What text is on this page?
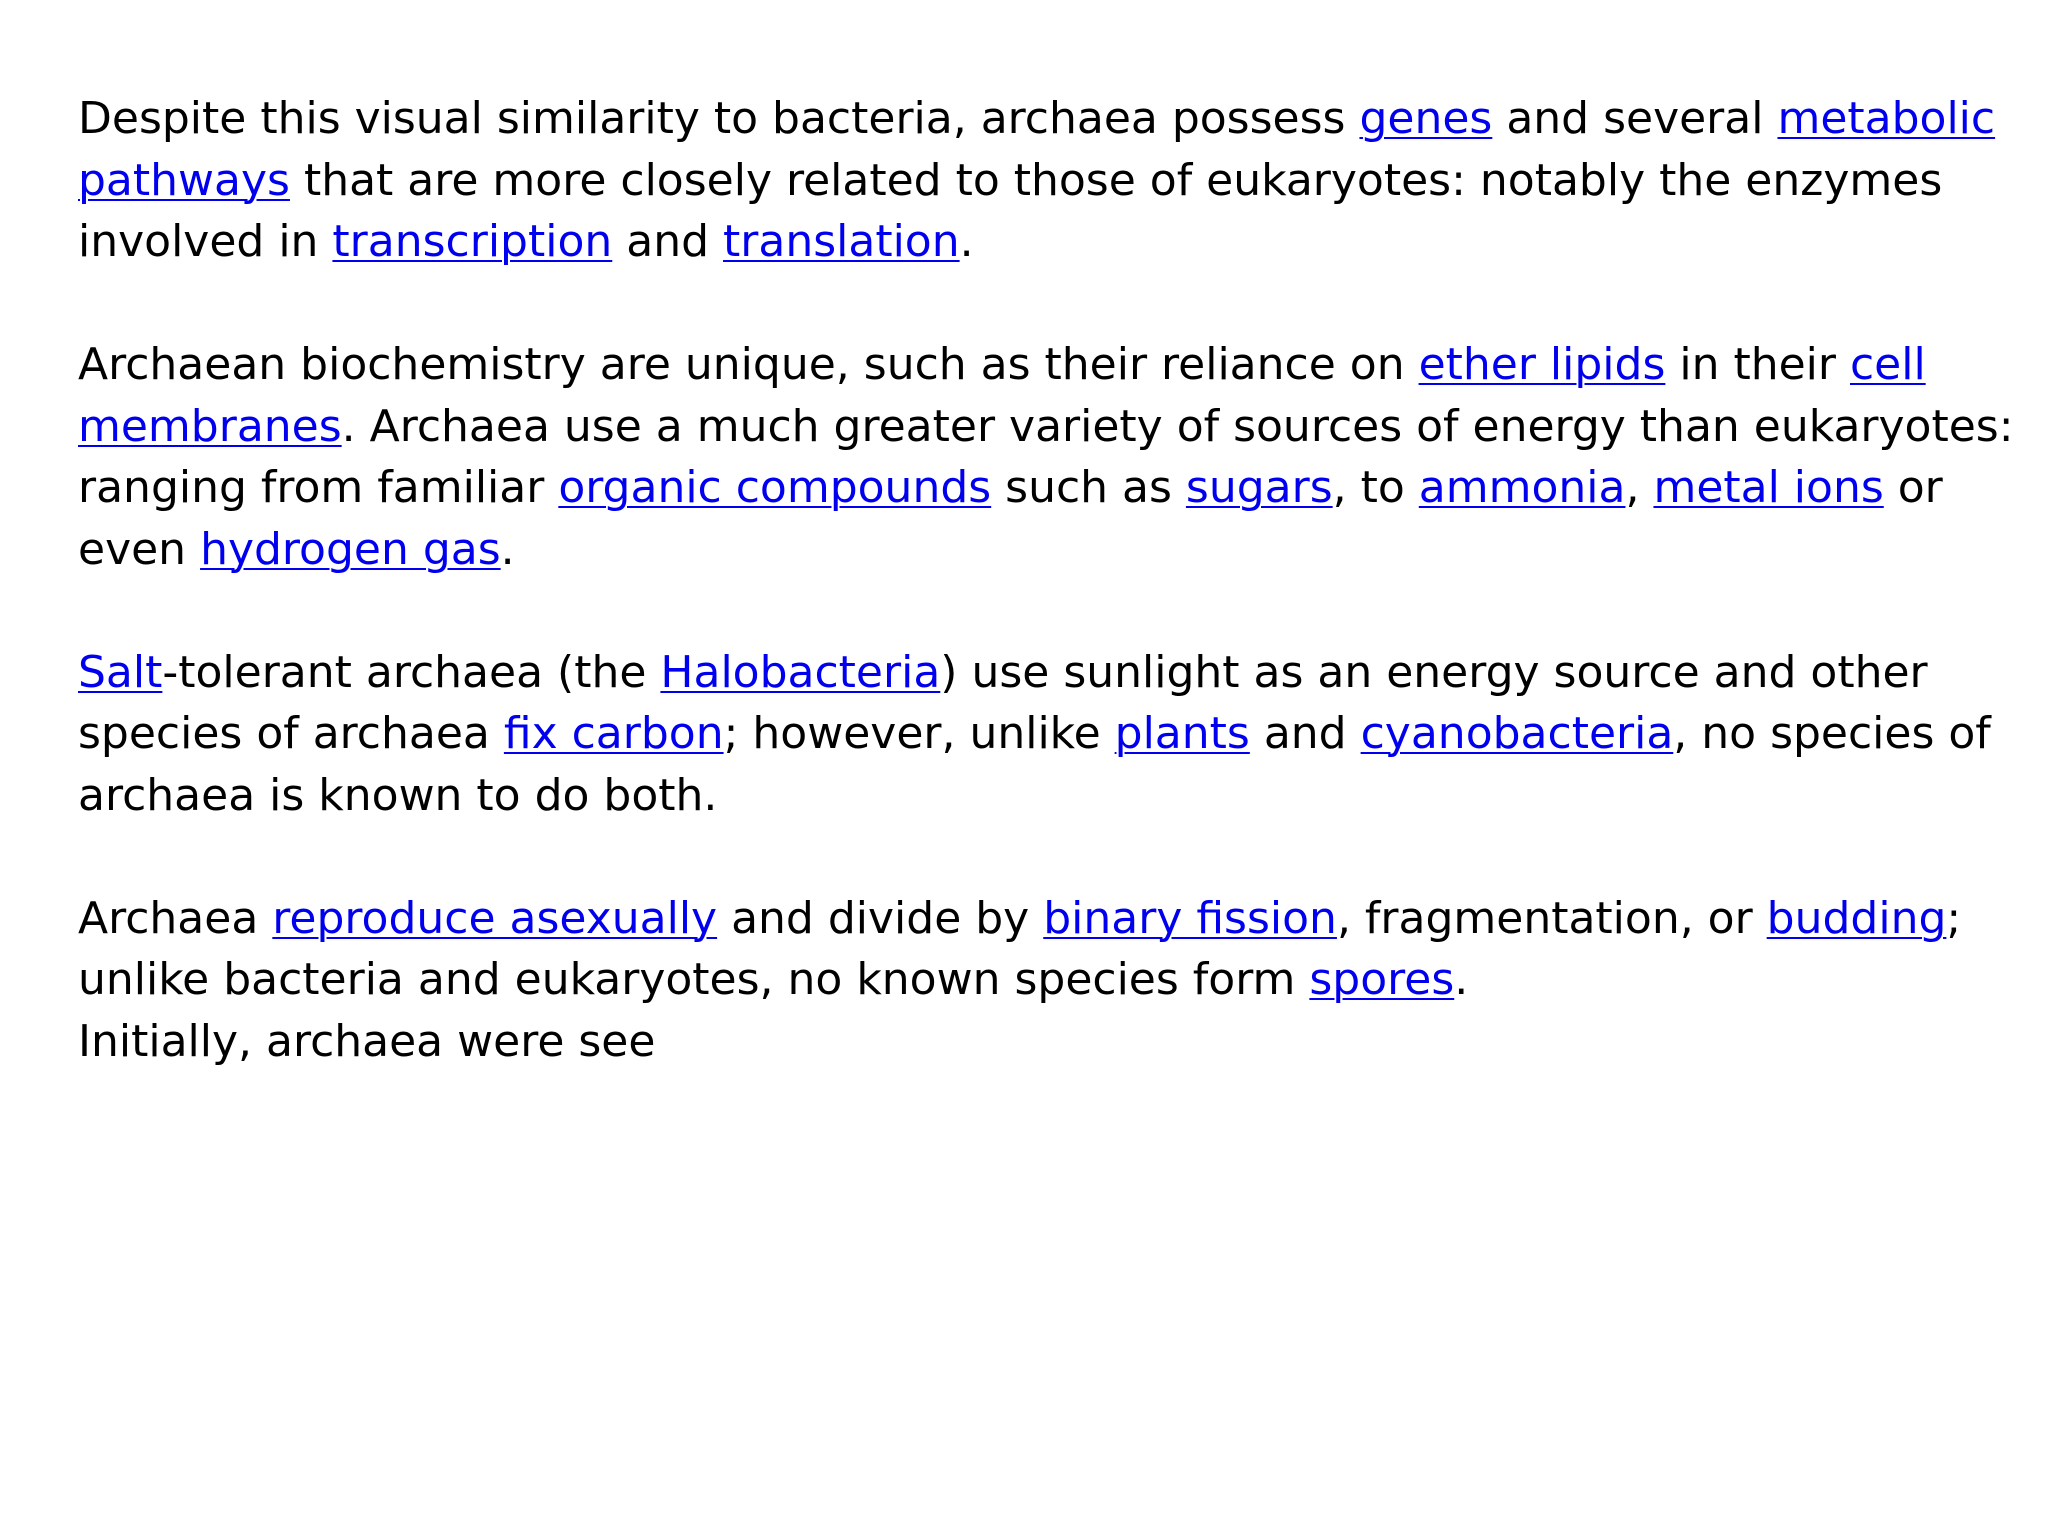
Despite this visual similarity to bacteria, archaea possess genes and several metabolic pathways that are more closely related to those of eukaryotes: notably the enzymes involved in transcription and translation.

Archaean biochemistry are unique, such as their reliance on ether lipids in their cell membranes. Archaea use a much greater variety of sources of energy than eukaryotes: ranging from familiar organic compounds such as sugars, to ammonia, metal ions or even hydrogen gas.

Salt-tolerant archaea (the Halobacteria) use sunlight as an energy source and other species of archaea fix carbon; however, unlike plants and cyanobacteria, no species of archaea is known to do both.

Archaea reproduce asexually and divide by binary fission, fragmentation, or budding; unlike bacteria and eukaryotes, no known species form spores.

Initially, archaea were see
